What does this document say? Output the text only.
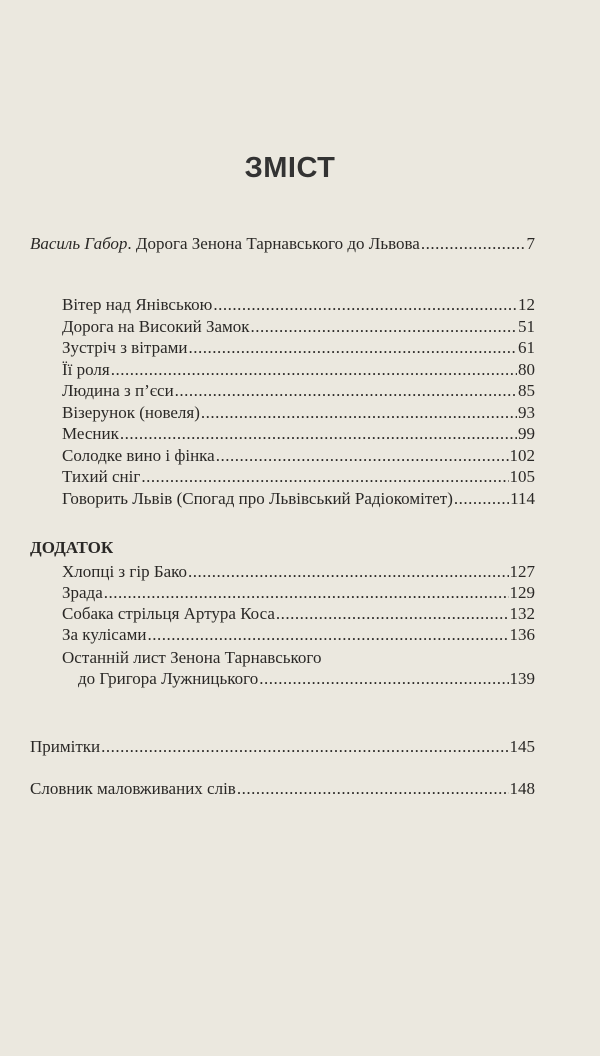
ЗМІСТ
Василь Габор. Дорога Зенона Тарнавського до Львова .....	7
Вітер над Янівською .....	12
Дорога на Високий Замок .....	51
Зустріч з вітрами .....	61
Її роля .....	80
Людина з п’єси .....	85
Візерунок (новеля) .....	93
Месник .....	99
Солодке вино і фінка .....	102
Тихий сніг .....	105
Говорить Львів (Спогад про Львівський Радіокомітет) .....	114
ДОДАТОК
Хлопці з гір Бако .....	127
Зрада .....	129
Собака стрільця Артура Коса .....	132
За кулісами .....	136
Останній лист Зенона Тарнавського
до Григора Лужницького .....	139
Примітки .....	145
Словник маловживаних слів .....	148
